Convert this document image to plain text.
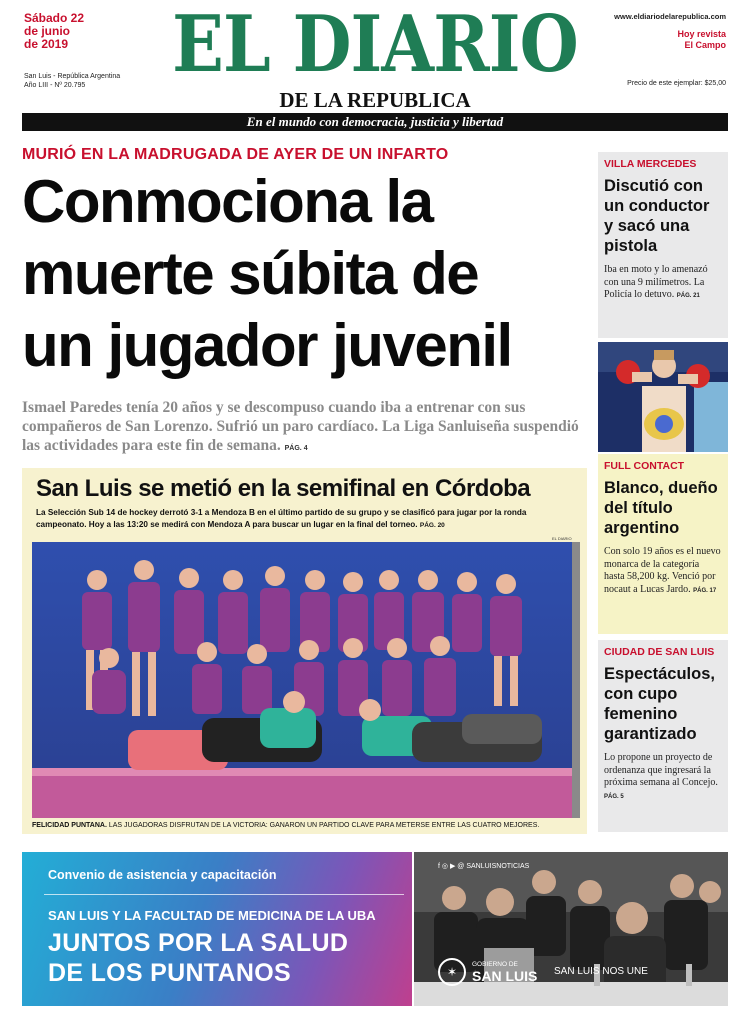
Sábado 22
de junio
de 2019
San Luis - República Argentina
Año LIII - Nº 20.795	EL DIARIO
DE LA REPUBLICA
www.eldiariodelarepublica.com
Hoy revista
El Campo
Precio de este ejemplar: $25,00
En el mundo con democracia, justicia y libertad
MURIÓ EN LA MADRUGADA DE AYER DE UN INFARTO
Conmociona la
muerte súbita de
un jugador juvenil
Ismael Paredes tenía 20 años y se descompuso cuando iba a entrenar con sus compañeros de San Lorenzo. Sufrió un paro cardíaco. La Liga Sanluiseña suspendió las actividades para este fin de semana. PÁG. 4
San Luis se metió en la semifinal en Córdoba
La Selección Sub 14 de hockey derrotó 3-1 a Mendoza B en el último partido de su grupo y se clasificó para jugar por la ronda campeonato. Hoy a las 13:20 se medirá con Mendoza A para buscar un lugar en la final del torneo. PÁG. 20
EL DIARIO
FELICIDAD PUNTANA. LAS JUGADORAS DISFRUTAN DE LA VICTORIA: GANARON UN PARTIDO CLAVE PARA METERSE ENTRE LAS CUATRO MEJORES.
VILLA MERCEDES
Discutió con un conductor y sacó una pistola
Iba en moto y lo amenazó con una 9 milímetros. La Policía lo detuvo. PÁG. 21
FULL CONTACT
Blanco, dueño del título argentino
Con solo 19 años es el nuevo monarca de la categoría hasta 58,200 kg. Venció por nocaut a Lucas Jardo. PÁG. 17
CIUDAD DE SAN LUIS
Espectáculos, con cupo femenino garantizado
Lo propone un proyecto de ordenanza que ingresará la próxima semana al Concejo. PÁG. 5
Convenio de asistencia y capacitación
SAN LUIS Y LA FACULTAD DE MEDICINA DE LA UBA
JUNTOS POR LA SALUD
DE LOS PUNTANOS
f ◎ ▶ @ SANLUISNOTICIAS
✶
GOBIERNO DE
SAN LUIS SAN LUIS NOS UNE
